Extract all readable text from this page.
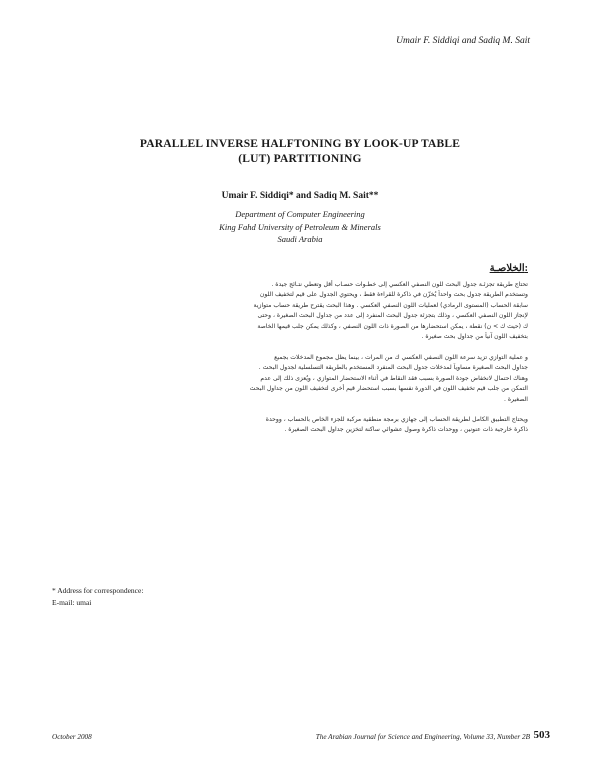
Umair F. Siddiqi and Sadiq M. Sait
PARALLEL INVERSE HALFTONING BY LOOK-UP TABLE
(LUT) PARTITIONING
Umair F. Siddiqi* and Sadiq M. Sait**
Department of Computer Engineering
King Fahd University of Petroleum & Minerals
Saudi Arabia
الخلاصـة:
تحتاج طريقة تجزئـة جدول البحث للون النصفي العكسي إلى خطـوات حسـاب أقل وتعطي نتـائج جيدة .
وتستخدم الطريقة جدول بحث واحداً يُخزّن في ذاكرة للقراءة فقط ، ويحتوي الجدول على قيم لتخفيف اللون
سابقة الحساب (المستوى الرمادي) لعمليات اللون النصفي العكسي . وهذا البحث يقترح طريقة حساب متوازية
لإنجاز اللون النصفي العكسي ، وذلك بتجزئة جدول البحث المنفرد إلى عدد من جداول البحث الصغيرة ، وحتى
ك (حيث ك > ن) نقطة ، يمكن استحضارها من الصورة ذات اللون النصفي ، وكذلك يمكن جلب قيمها الخاصة
بتخفيف اللون آنياً من جداول بحث صغيرة .
و عملية التوازي تزيد سرعة اللون النصفي العكسي ك من المرات ، بينما يظل مجموع المدخلات بجميع
جداول البحث الصغيرة مساوياً لمدخلات جدول البحث المنفرد المستخدم بالطريقة التسلسلية لجدول البحث .
وهناك احتمال لانخفاض جودة الصورة بسبب فقد النقاط في أثناء الاستحضار المتوازي ، ويُعزى ذلك إلى عدم
التمكن من جلب قيم تخفيف اللون في الدورة نفسها بسبب استحضار قيم أخرى لتخفيف اللون من جداول البحث
الصغيرة .
ويحتاج التطبيق الكامل لطريقة الحساب إلى جهازي برمجة منطقية مركبة للجزء الخاص بالحساب ، ووحدة
ذاكرة خارجية ذات عنونين ، ووحدات ذاكرة وصول عشوائي ساكنة لتخزين جداول البحث الصغيرة .
* Address for correspondence:
E-mail: umai
October 2008	The Arabian Journal for Science and Engineering, Volume 33, Number 2B 503
